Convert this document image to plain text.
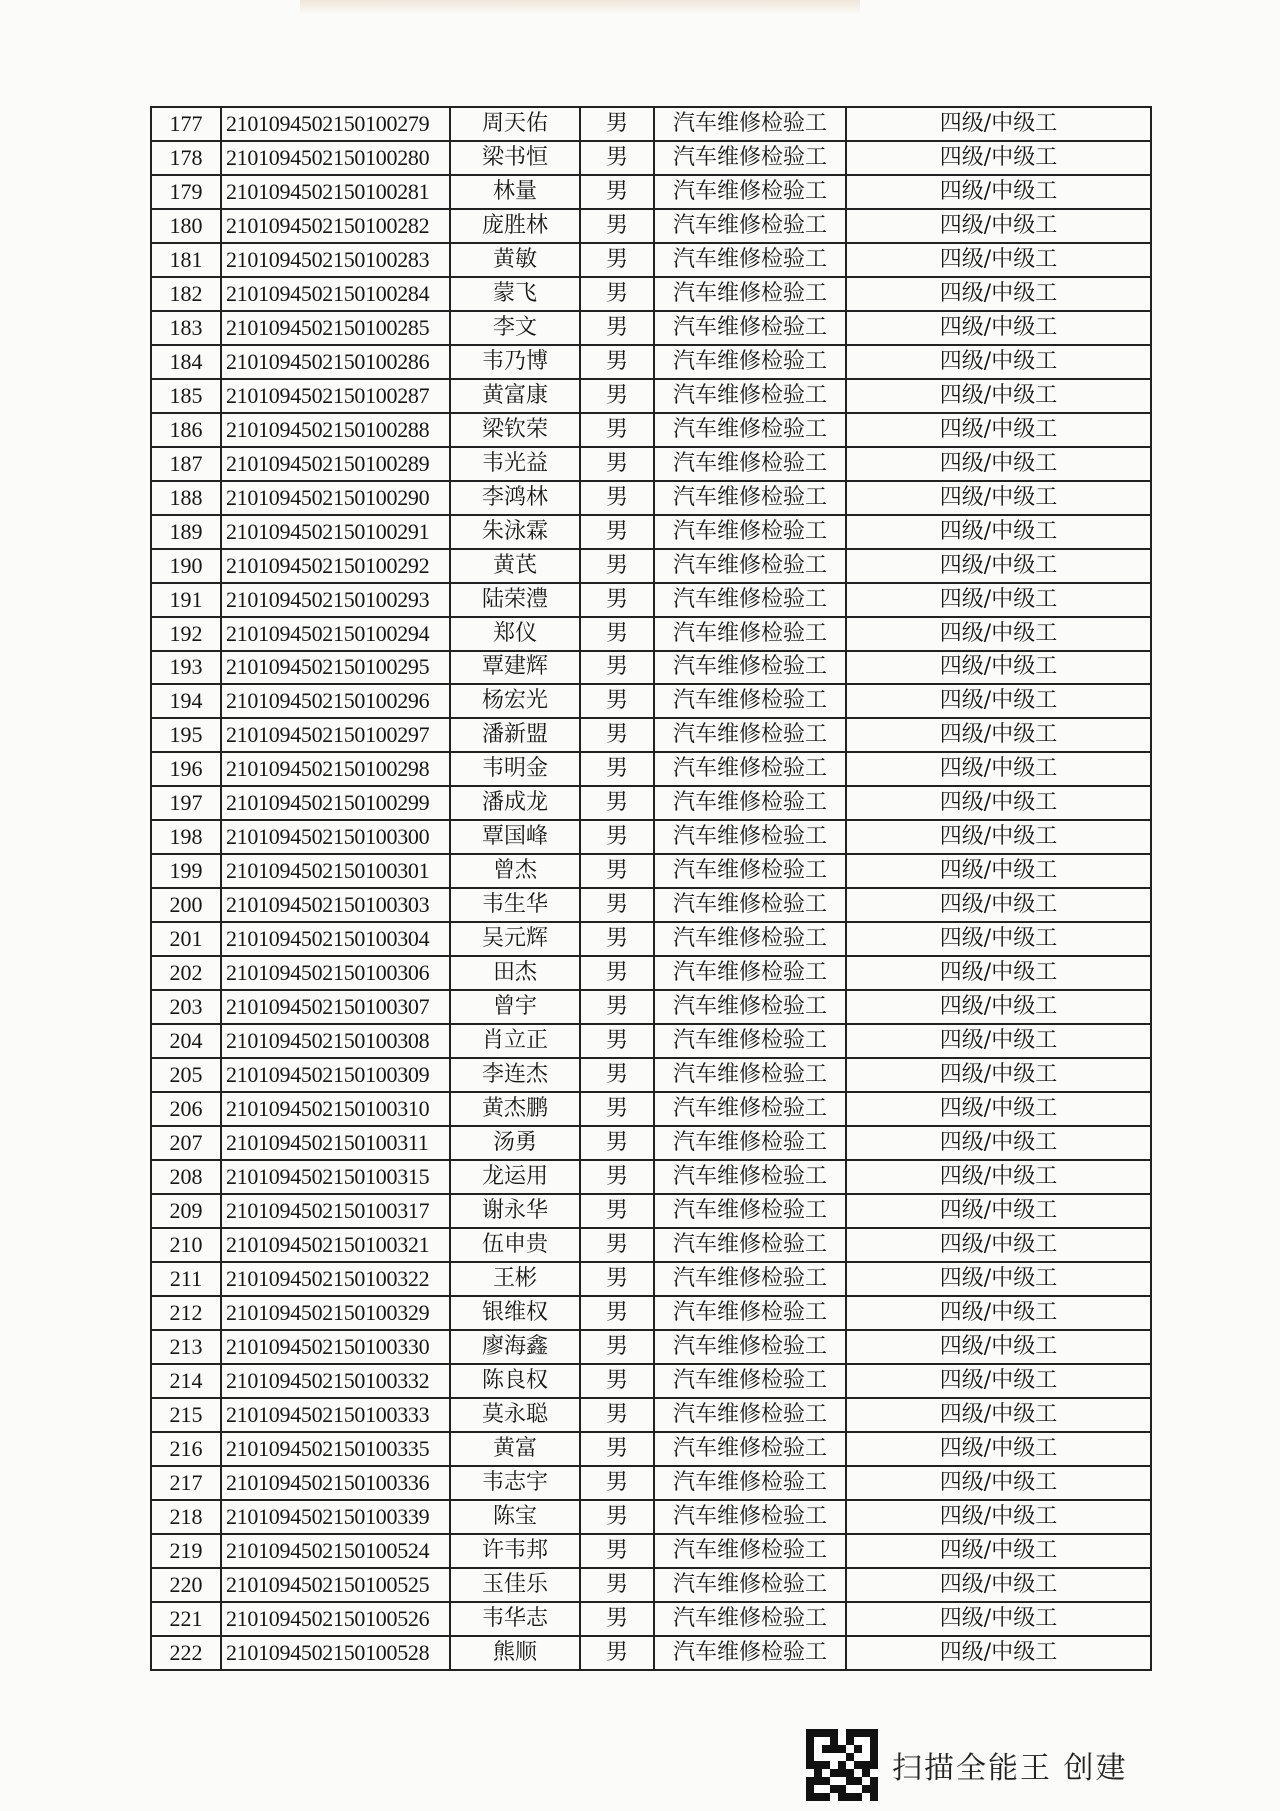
177	2101094502150100279	周天佑	男	汽车维修检验工	四级/中级工
178	2101094502150100280	梁书恒	男	汽车维修检验工	四级/中级工
179	2101094502150100281	林量	男	汽车维修检验工	四级/中级工
180	2101094502150100282	庞胜林	男	汽车维修检验工	四级/中级工
181	2101094502150100283	黄敏	男	汽车维修检验工	四级/中级工
182	2101094502150100284	蒙飞	男	汽车维修检验工	四级/中级工
183	2101094502150100285	李文	男	汽车维修检验工	四级/中级工
184	2101094502150100286	韦乃博	男	汽车维修检验工	四级/中级工
185	2101094502150100287	黄富康	男	汽车维修检验工	四级/中级工
186	2101094502150100288	梁钦荣	男	汽车维修检验工	四级/中级工
187	2101094502150100289	韦光益	男	汽车维修检验工	四级/中级工
188	2101094502150100290	李鸿林	男	汽车维修检验工	四级/中级工
189	2101094502150100291	朱泳霖	男	汽车维修检验工	四级/中级工
190	2101094502150100292	黄芪	男	汽车维修检验工	四级/中级工
191	2101094502150100293	陆荣澧	男	汽车维修检验工	四级/中级工
192	2101094502150100294	郑仪	男	汽车维修检验工	四级/中级工
193	2101094502150100295	覃建辉	男	汽车维修检验工	四级/中级工
194	2101094502150100296	杨宏光	男	汽车维修检验工	四级/中级工
195	2101094502150100297	潘新盟	男	汽车维修检验工	四级/中级工
196	2101094502150100298	韦明金	男	汽车维修检验工	四级/中级工
197	2101094502150100299	潘成龙	男	汽车维修检验工	四级/中级工
198	2101094502150100300	覃国峰	男	汽车维修检验工	四级/中级工
199	2101094502150100301	曾杰	男	汽车维修检验工	四级/中级工
200	2101094502150100303	韦生华	男	汽车维修检验工	四级/中级工
201	2101094502150100304	吴元辉	男	汽车维修检验工	四级/中级工
202	2101094502150100306	田杰	男	汽车维修检验工	四级/中级工
203	2101094502150100307	曾宇	男	汽车维修检验工	四级/中级工
204	2101094502150100308	肖立正	男	汽车维修检验工	四级/中级工
205	2101094502150100309	李连杰	男	汽车维修检验工	四级/中级工
206	2101094502150100310	黄杰鹏	男	汽车维修检验工	四级/中级工
207	2101094502150100311	汤勇	男	汽车维修检验工	四级/中级工
208	2101094502150100315	龙运用	男	汽车维修检验工	四级/中级工
209	2101094502150100317	谢永华	男	汽车维修检验工	四级/中级工
210	2101094502150100321	伍申贵	男	汽车维修检验工	四级/中级工
211	2101094502150100322	王彬	男	汽车维修检验工	四级/中级工
212	2101094502150100329	银维权	男	汽车维修检验工	四级/中级工
213	2101094502150100330	廖海鑫	男	汽车维修检验工	四级/中级工
214	2101094502150100332	陈良权	男	汽车维修检验工	四级/中级工
215	2101094502150100333	莫永聪	男	汽车维修检验工	四级/中级工
216	2101094502150100335	黄富	男	汽车维修检验工	四级/中级工
217	2101094502150100336	韦志宇	男	汽车维修检验工	四级/中级工
218	2101094502150100339	陈宝	男	汽车维修检验工	四级/中级工
219	2101094502150100524	许韦邦	男	汽车维修检验工	四级/中级工
220	2101094502150100525	玉佳乐	男	汽车维修检验工	四级/中级工
221	2101094502150100526	韦华志	男	汽车维修检验工	四级/中级工
222	2101094502150100528	熊顺	男	汽车维修检验工	四级/中级工
扫描全能王 创建
